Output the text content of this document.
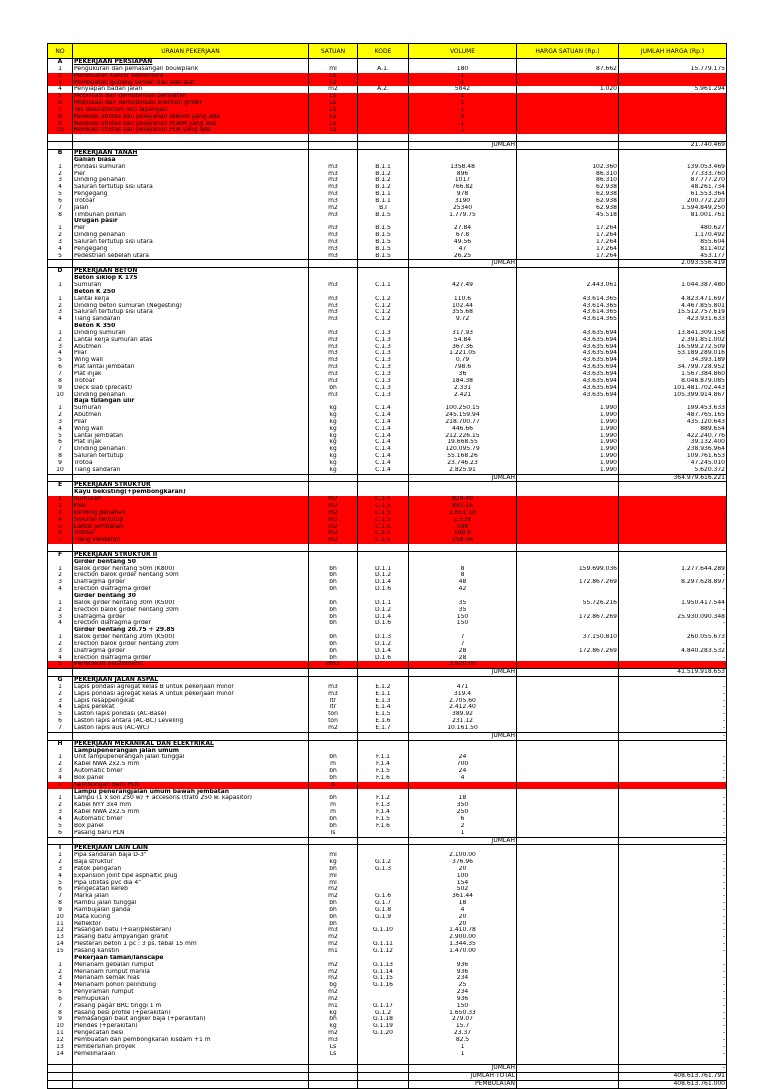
NO	URAIAN PEKERJAAN	SATUAN	KODE	VOLUME	HARGA SATUAN (Rp.)	JUMLAH HARGA (Rp.)
A	PEKERJAAN PERSIAPAN					
1	Pengukuran dan pemasangan bouwplank	ml	A.1.	180	87.662	15.779.175
2	Pembuatan kantor sementara	Ls		1		
3	Pembuatan gudang semen dan alat-alat	Ls		1		
4	Penyiapan badan jalan	m2	A.2.	5842	1.020	5.961.294
5	Mobilisasi dan demobilisasi peralatan	Ls		1		
6	Mobilisasi dan demobilisasi erection girder	Ls		1		
7	Tes laboratorium dan lapangan	Ls		1		
8	Relokasi utilitas dan pelayanan telkom yang ada	Ls		0		
9	Relokasi utilitas dan pelayanan PDAM yang ada	Ls		1		
10	Relokasi utilitas dan pelayanan PLN yang ada	Ls		1		

				JUMLAH		21.740.469
B	PEKERJAAN TANAH					
	Galian biasa					
1	Pondasi sumuran	m3	B.1.1	1358.48	102.360	139.053.469
2	Pier	m3	B.1.2	896	86.310	77.333.760
3	Dinding penahan	m3	B.1.2	1017	86.310	87.777.270
4	Saluran tertutup sisi utara	m3	B.1.2	766.82	62.938	48.261.734
5	Pengegang	m3	B.1.1	978	62.938	61.553.364
6	Trotoar	m3	B.1.1	3190	62.938	200.772.220
7	Jalan	m2	B.I	25340	62.938	1.594.849.250
8	Timbunan pilihan	m3	B.1.5	1.779.75	45.518	81.001.761
	Urugan pasir					
1	Pier	m3	B.1.5	27.84	17.264	480.627
2	Dinding penahan	m3	B.1.5	67.8	17.264	1.170.492
3	Saluran tertutup sisi utara	m3	B.1.5	49.56	17.264	855.604
4	Pengegang	m3	B.1.5	47	17.264	811.402
5	Pedestrian sebelah utara	m3	B.1.5	26.25	17.264	453.177
				JUMLAH		2.093.556.419
D	PEKERJAAN BETON					
	Beton siklop K 175					
1	Sumuran	m3	C.1.1	427.49	2.443.061	1.044.387.480
	Beton K 250					
1	Lantai kerja	m3	C.1.2	110.6	43.614.365	4.823.471.697
2	Dinding beton sumuran (Negesting)	m3	C.1.2	102.44	43.614.365	4.467.855.801
3	Saluran tertutup sisi utara	m3	C.1.2	355.68	43.614.365	15.512.757.619
4	Tiang sandaran	m3	C.1.2	9.72	43.614.365	423.931.633
	Beton K 350					
1	Dinding sumuran	m3	C.1.3	317.93	43.635.694	13.841.309.158
2	Lantai kerja sumuran atas	m3	C.1.3	54.84	43.635.694	2.391.851.002
3	Abutmen	m3	C.1.3	367.36	43.635.694	16.599.272.509
4	Pilar	m3	C.1.3	1.221.05	43.635.694	53.189.289.016
5	Wing wall	m3	C.1.3	0.79	43.635.694	34.393.189
6	Plat lantai jembatan	m3	C.1.3	798.6	43.635.694	34.799.728.952
7	Plat injak	m3	C.1.3	36	43.635.694	1.567.384.860
8	Trotoar	m3	C.1.3	184.38	43.635.694	8.048.879.085
9	Deck slab (precast)	bh	C.1.3	2.331	43.635.694	101.481.702.443
10	Dinding penahan	m3	C.1.3	2.421	43.635.694	105.399.914.867
	Baja tulangan ulir					
1	Sumuran	kg	C.1.4	100.250.15	1.990	199.453.633
2	Abutmen	kg	C.1.4	245.159.94	1.990	487.765.165
3	Pilar	kg	C.1.4	218.700.77	1.990	435.120.643
4	Wing wall	kg	C.1.4	446.66	1.990	889.654
5	Lantai jembatan	kg	C.1.4	212.226.15	1.990	422.240.776
6	Plat injak	kg	C.1.4	19.668.55	1.990	39.132.400
7	Dinding penahan	kg	C.1.4	120.095.79	1.990	238.936.964
8	Saluran tertutup	kg	C.1.4	55.168.26	1.990	109.761.653
9	Trotoa	kg	C.1.4	23.746.23	1.990	47.245.010
10	Tiang sandaran	kg	C.1.4	2.825.91	1.990	5.620.372
				JUMLAH		364.979.616.221
E	PEKERJAAN STRUKTUR					
	Kayu bekisting(+pembongkaran)					
1	Sumuran	m2	C.1.5	828.40		-
2	Pilar	m2	C.1.5	893.16		-
3	Dinding penahan	m2	C.1.5	1.651.10		-
4	Saluran tertutup	m2	C.1.5	1.539		-
5	Lantai jembatan	m2	C.1.5	598		-
6	Trotoar	m2	C.1.5	189.6		-
7	Tiang sandaran	m2	C.1.5	258.56		-

F	PEKERJAAN STRUKTUR II					
	Girder bentang 50					
1	Balok girder hentang 50m (K800)	bh	D.1.1	8	159.699.036	1.277.644.289
2	Erection balok girder hentang 50m	bh	D.1.2	8		-
3	Diafragma girder	bh	D.1.4	48	172.867.269	8.297.628.897
4	Erection diafragma girder	bh	D.1.6	42		-
	Girder bentang 30					
1	Balok girder hentang 30m (K500)	bh	D.1.1	35	55.726.216	1.950.417.544
2	Erection balok girder hentang 30m	bh	D.1.2	35		-
3	Diafragma girder	bh	D.1.4	150	172.867.269	25.930.090.348
4	Erection diafragma girder	bh	D.1.6	150		-
	Girder bentang 20.75 + 29.85					
1	Balok girder hentang 20m (K500)	bh	D.1.3	7	37.150.810	260.055.673
2	Erection balok girder hentang 20m	bh	D.1.2	7		-
3	Diafragma girder	bh	D.1.4	28	172.867.269	4.840.283.532
4	Erection diafragma girder	bh	D.1.6	28		-
5	Perletakan elastomeric	dm3		3.920.00		-
				JUMLAH		41.519.918.653
G	PEKERJAAN JALAN ASPAL					
1	Lapis pondasi agregat kelas B untuk pekerjaan minor	m3	E.1.2	471		-
2	Lapis pondasi agregat kelas A untuk pekerjaan minor	m3	E.1.1	319.4		-
3	Lapis resappengikat	ltr	E.1.3	2.705.60		-
4	Lapis perekat	ltr	E.1.4	2.412.40		-
5	Laston lapis pondasi (AC-Base)	ton	E.1.5	389.92		-
6	Laston lapis antara (AC-BC) Leveling	ton	E.1.6	231.12		-
7	Laston lapis aus (AC-WC)	m2	E.1.7	10.161.50		-
				JUMLAH		-
H	PEKERJAAN MEKANIKAL DAN ELEKTRIKAL					
	Lampupenerangan jalan umum					
1	Unit lampupenerangan jalan tunggal	bh	F.1.1	24		-
2	Kabel NWA 2x2.5 mm	m	F.1.4	700		-
3	Automatic timer	bh	F.1.5	24		-
4	Box panel	bh	F.1.6	4		-
5	Sambungan baru PLN	ls				-
	Lampu penerangjalan umum bawah jembatan					
1	Lampu (1 x son 250 w) + accesoris (trafo 250 w. kapasitor)	bh	F.1.2	18		-
2	Kabel NYY 3x4 mm	m	F.1.3	350		-
3	Kabel NWA 2x2.5 mm	m	F.1.4	250		-
4	Automatic timer	bh	F.1.5	6		-
5	Box panel	bh	F.1.6	2		-
6	Pasang baru PLN	ls		1		-
				JUMLAH		-
I	PEKERJAAN LAIN LAIN					
1	Pipa sandaran baja D-3"	ml		2.100.00		-
2	Baja struktur	kg	G.1.2	376.96		-
3	Patok pengarah	bh	G.1.3	20		-
4	Expansion joint tipe asphaltic plug	ml		100		-
5	Pipa utilitas pvc dia 4"	ml		154		-
6	Pengecatan kereb	m2		502		-
7	Marka jalan	m2	G.1.6	361.44		-
8	Rambu jalan tunggal	bh	G.1.7	18		-
9	Rambujalan ganda	bh	G.1.8	4		-
10	Mata kucing	bh	G.1.9	20		-
11	Reflektor	bh		20		-
12	Pasangan batu (+siar/plesteran)	m3	G.1.10	1.410.78		-
13	Pasang batu ampyangan granit	m2		2.900.00		-
14	Plesteran beton 1 pc : 3 ps. tebal 15 mm	m2	G.1.11	1.344.35		-
15	Pasang kanstin	m1	G.1.12	1.470.00		-
	Pekerjaan taman/lanscape					
1	Menanam gebalan rumput	m2	G.1.13	936		-
2	Menanam rumput manila	m2	G.1.14	936		-
3	Menanam semak hias	m2	G.1.15	234		-
4	Menanam pohon pelindung	bg	G.1.16	25		-
5	Penyiraman rumput	m2		234		-
6	Pemupukan	m2		936		-
7	Pasang pagar BRC tinggi 1 m	m1	G.1.17	150		-
8	Pasang besi profile (+perakitan)	kg	G.1.2	1.650.33		-
9	Pemasangan baut angker baja (+perakitan)	bh	G.1.18	279.07		-
10	Plendes (+perakitan)	kg	G.1.19	15.7		-
11	Pengecatan besi	m2	G.1.20	23.37		-
12	Pembuatan dan pembongkaran kisdam +1 m	m3		82.5		-
13	Pembersihan proyek	Ls		1		-
14	Pemeliharaan	Ls		1		-

				JUMLAH		-
				JUMLAH TOTAL		408.613.761.791
				PEMBULATAN		408.613.761.000
